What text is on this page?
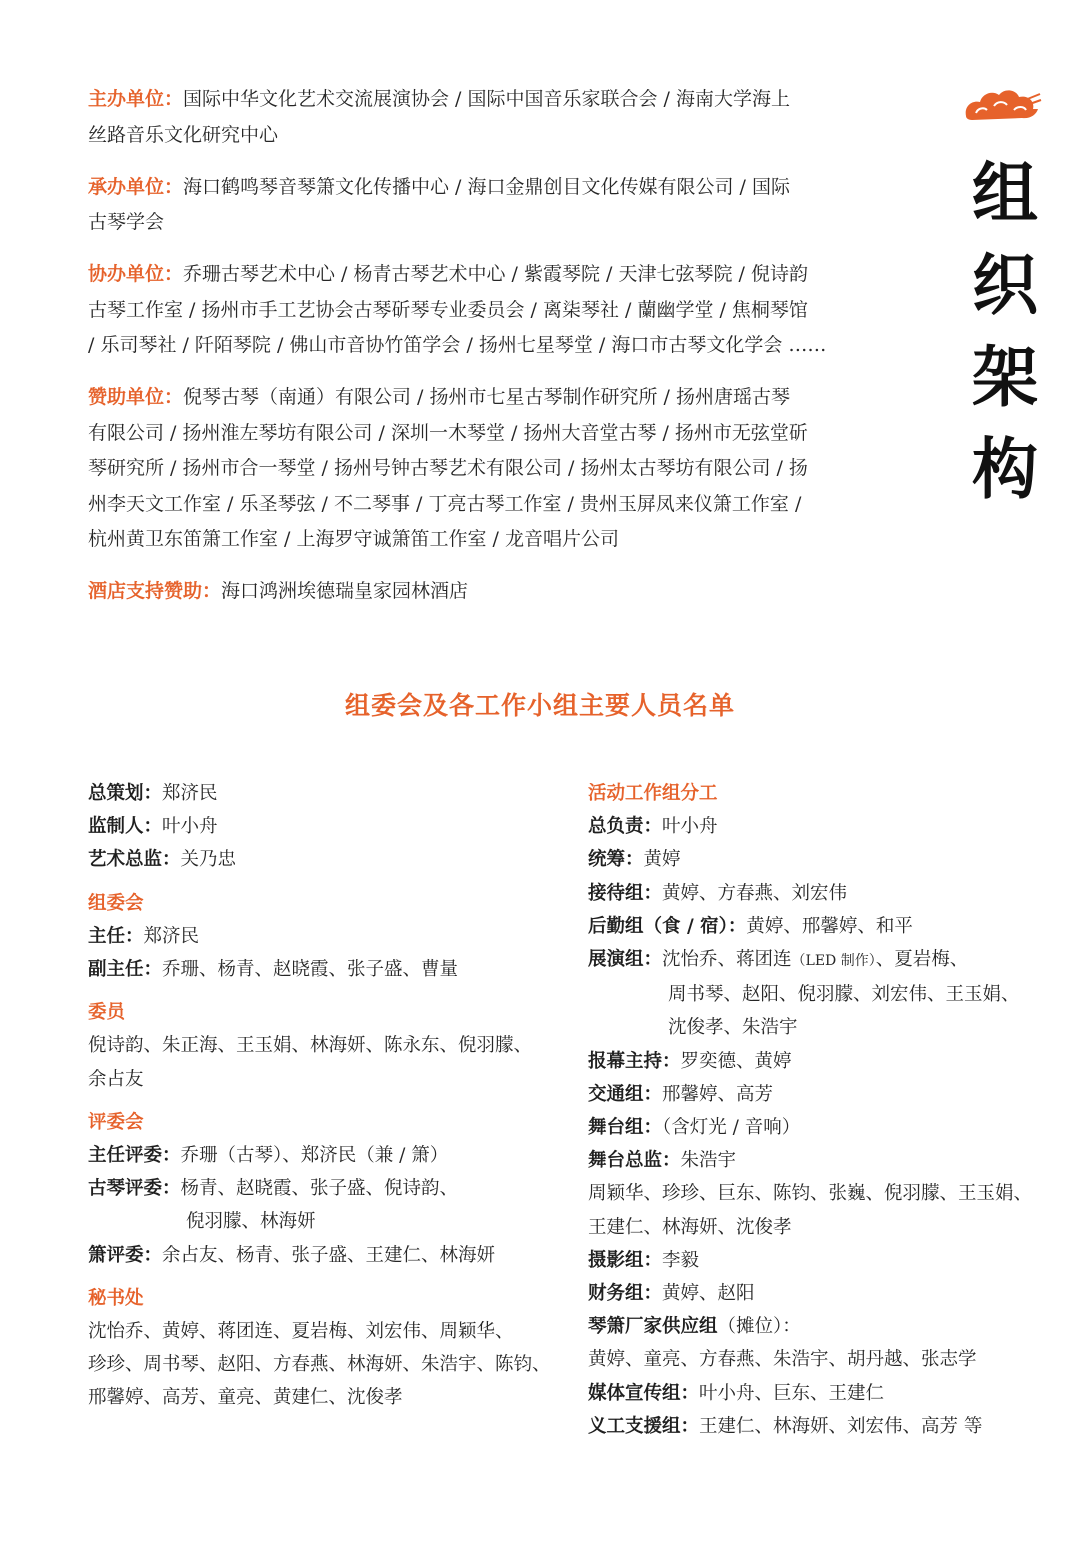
主办单位：国际中华文化艺术交流展演协会 / 国际中国音乐家联合会 / 海南大学海上
丝路音乐文化研究中心

承办单位：海口鹤鸣琴音琴箫文化传播中心 / 海口金鼎创目文化传媒有限公司 / 国际
古琴学会

协办单位：乔珊古琴艺术中心 / 杨青古琴艺术中心 / 紫霞琴院 / 天津七弦琴院 / 倪诗韵
古琴工作室 / 扬州市手工艺协会古琴斫琴专业委员会 / 离柒琴社 / 蘭幽学堂 / 焦桐琴馆
/ 乐司琴社 / 阡陌琴院 / 佛山市音协竹笛学会 / 扬州七星琴堂 / 海口市古琴文化学会 ……

赞助单位：倪琴古琴（南通）有限公司 / 扬州市七星古琴制作研究所 / 扬州唐瑶古琴
有限公司 / 扬州淮左琴坊有限公司 / 深圳一木琴堂 / 扬州大音堂古琴 / 扬州市无弦堂斫
琴研究所 / 扬州市合一琴堂 / 扬州号钟古琴艺术有限公司 / 扬州太古琴坊有限公司 / 扬
州李天文工作室 / 乐圣琴弦 / 不二琴事 / 丁亮古琴工作室 / 贵州玉屏凤来仪箫工作室 /
杭州黄卫东笛箫工作室 / 上海罗守诚箫笛工作室 / 龙音唱片公司

酒店支持赞助：海口鸿洲埃德瑞皇家园林酒店

组
织
架
构
组委会及各工作小组主要人员名单
总策划：郑济民
监制人：叶小舟
艺术总监：关乃忠
组委会
主任：郑济民
副主任：乔珊、杨青、赵晓霞、张子盛、曹量
委员
倪诗韵、朱正海、王玉娟、林海妍、陈永东、倪羽朦、
余占友
评委会
主任评委：乔珊（古琴）、郑济民（兼 / 箫）
古琴评委：杨青、赵晓霞、张子盛、倪诗韵、
倪羽朦、林海妍
箫评委：余占友、杨青、张子盛、王建仁、林海妍
秘书处
沈怡乔、黄婷、蒋团连、夏岩梅、刘宏伟、周颖华、
珍珍、周书琴、赵阳、方春燕、林海妍、朱浩宇、陈钧、
邢馨婷、高芳、童亮、黄建仁、沈俊孝
活动工作组分工
总负责：叶小舟
统筹：黄婷
接待组：黄婷、方春燕、刘宏伟
后勤组（食 / 宿）：黄婷、邢馨婷、和平
展演组：沈怡乔、蒋团连（LED 制作）、夏岩梅、
周书琴、赵阳、倪羽朦、刘宏伟、王玉娟、
沈俊孝、朱浩宇
报幕主持：罗奕德、黄婷
交通组：邢馨婷、高芳
舞台组：（含灯光 / 音响）
舞台总监：朱浩宇
周颖华、珍珍、巨东、陈钧、张巍、倪羽朦、王玉娟、
王建仁、林海妍、沈俊孝
摄影组：李毅
财务组：黄婷、赵阳
琴箫厂家供应组（摊位）：
黄婷、童亮、方春燕、朱浩宇、胡丹越、张志学
媒体宣传组：叶小舟、巨东、王建仁
义工支援组：王建仁、林海妍、刘宏伟、高芳 等
